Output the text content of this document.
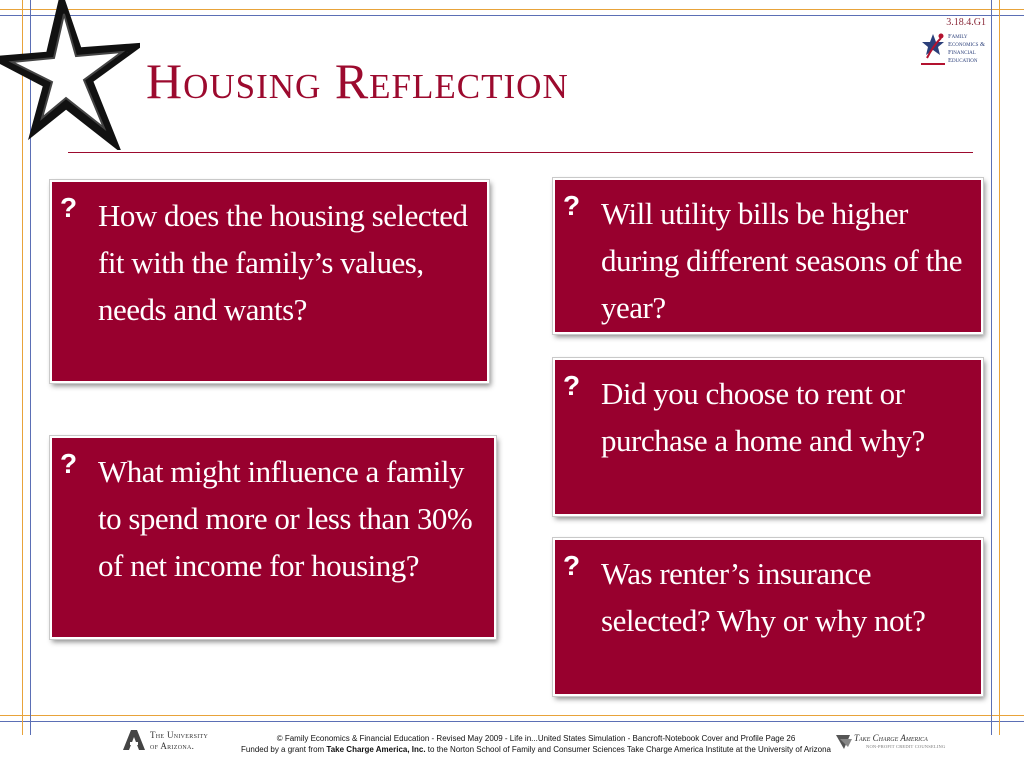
Housing Reflection
3.18.4.G1
Family
Economics &
Financial
Education
? How does the housing selected fit with the family’s values, needs and wants?
? What might influence a family to spend more or less than 30% of net income for housing?
? Will utility bills be higher during different seasons of the year?
? Did you choose to rent or purchase a home and why?
? Was renter’s insurance selected? Why or why not?
The University
of Arizona.
© Family Economics & Financial Education - Revised May 2009 - Life in...United States Simulation - Bancroft-Notebook Cover and Profile Page 26
Funded by a grant from Take Charge America, Inc. to the Norton School of Family and Consumer Sciences Take Charge America Institute at the University of Arizona
Take Charge America
NON-PROFIT CREDIT COUNSELING
